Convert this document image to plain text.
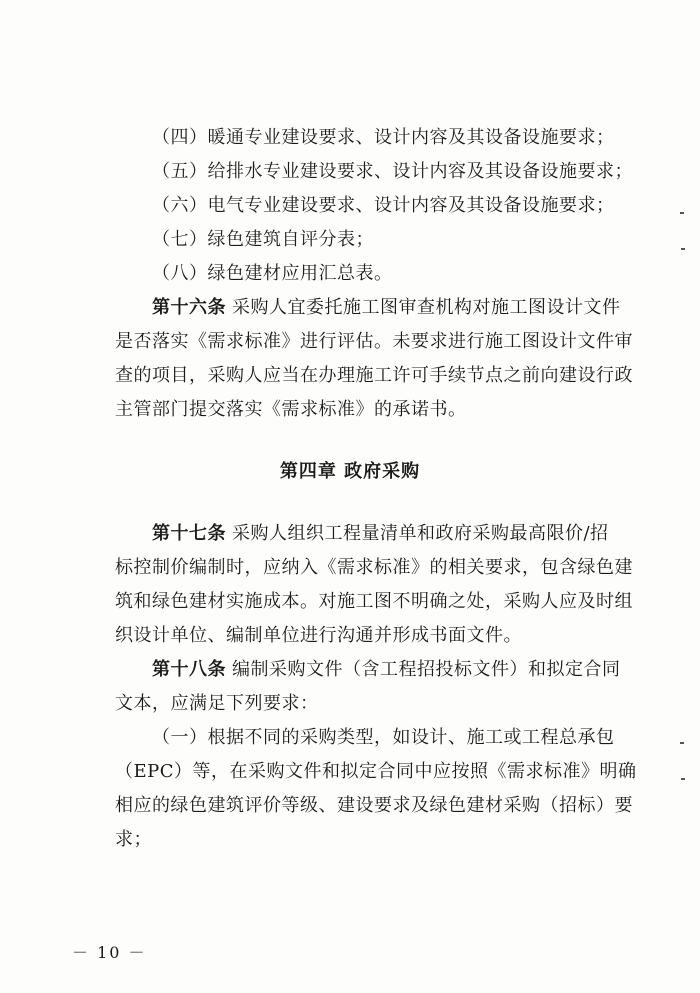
（四）暖通专业建设要求、设计内容及其设备设施要求；
（五）给排水专业建设要求、设计内容及其设备设施要求；
（六）电气专业建设要求、设计内容及其设备设施要求；
（七）绿色建筑自评分表；
（八）绿色建材应用汇总表。
第十六条 采购人宜委托施工图审查机构对施工图设计文件
是否落实《需求标准》进行评估。未要求进行施工图设计文件审
查的项目，采购人应当在办理施工许可手续节点之前向建设行政
主管部门提交落实《需求标准》的承诺书。
第四章 政府采购
第十七条 采购人组织工程量清单和政府采购最高限价/招
标控制价编制时，应纳入《需求标准》的相关要求，包含绿色建
筑和绿色建材实施成本。对施工图不明确之处，采购人应及时组
织设计单位、编制单位进行沟通并形成书面文件。
第十八条 编制采购文件（含工程招投标文件）和拟定合同
文本，应满足下列要求：
（一）根据不同的采购类型，如设计、施工或工程总承包
（EPC）等，在采购文件和拟定合同中应按照《需求标准》明确
相应的绿色建筑评价等级、建设要求及绿色建材采购（招标）要
求；
－ 10 －
